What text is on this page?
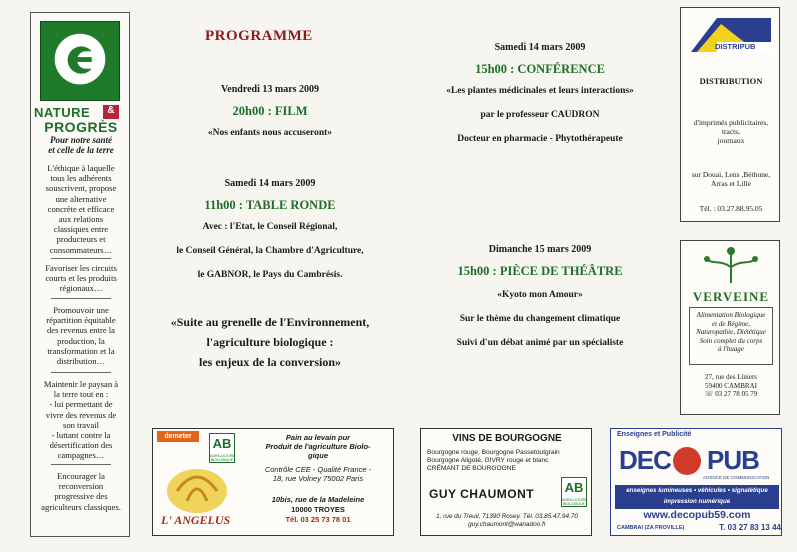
NATURE	&
PROGRÈS
Pour notre santé
et celle de la terre
L'éthique à laquelle
tous les adhérents
souscrivent, propose
une alternative
concrète et efficace
aux relations
classiques entre
producteurs et
consommateurs…
Favoriser les circuits
courts et les produits
régionaux…
Promouvoir une
répartition équitable
des revenus entre la
production, la
transformation et la
distribution…
Maintenir le paysan à
la terre tout en :
- lui permettant de
vivre des revenus de
son travail
- luttant contre la
désertification des
campagnes…
Encourager la
reconversion
progressive des
agriculteurs classiques.
PROGRAMME
Vendredi 13 mars 2009
20h00 : FILM
«Nos enfants nous accuseront»
Samedi 14 mars 2009
11h00 : TABLE RONDE
Avec : l'Etat, le Conseil Régional,
le Conseil Général, la Chambre d'Agriculture,
le GABNOR, le Pays du Cambrésis.
«Suite au grenelle de l'Environnement,
l'agriculture biologique :
les enjeux de la conversion»
Samedi 14 mars 2009
15h00 : CONFÉRENCE
«Les plantes médicinales et leurs interactions»
par le professeur CAUDRON
Docteur en pharmacie - Phytothérapeute
Dimanche 15 mars 2009
15h00 : PIÈCE DE THÉÂTRE
«Kyoto mon Amour»
Sur le thème du changement climatique
Suivi d'un débat animé par un spécialiste
DISTRIPUB
DISTRIBUTION
d'imprimés publicitaires,
tracts,
journaux
sur Douai, Lens ,Béthune,
Arras et Lille
Tél. : 03.27.88.95.05
VERVEINE
Alimentation Biologique
et de Régime,
Naturopathie, Diététique
Soin complet du corps
à l'huage
27, rue des Liniers
59400 CAMBRAI
☏ 03 27 78 05 79
demeter	AB
AGRICULTURE BIOLOGIQUE
L' ANGELUS
Pain au levain pur
Produit de l'agriculture Biolo-
gique
Contrôle CEE - Qualité France -
18, rue Volney 75002 Paris
10bis, rue de la Madeleine
10000 TROYES
Tél. 03 25 73 78 01
VINS DE BOURGOGNE
Bourgogne rouge, Bourgogne Passetoutgrain
Bourgogne Aligoté, GIVRY rouge et blanc
CRÉMANT DE BOURGOGNE
GUY CHAUMONT	AB
AGRICULTURE BIOLOGIQUE
1, rue du Treuil, 71390 Rosey. Tél. 03.85.47.94.70
guy.chaumont@wanadoo.fr
Enseignes et Publicité
DEC	PUB
AGENCE DE COMMUNICATION
enseignes lumineuses • véhicules • signalétique
impression numérique
www.decopub59.com
CAMBRAI (ZA PROVILLE)	T. 03 27 83 13 44
